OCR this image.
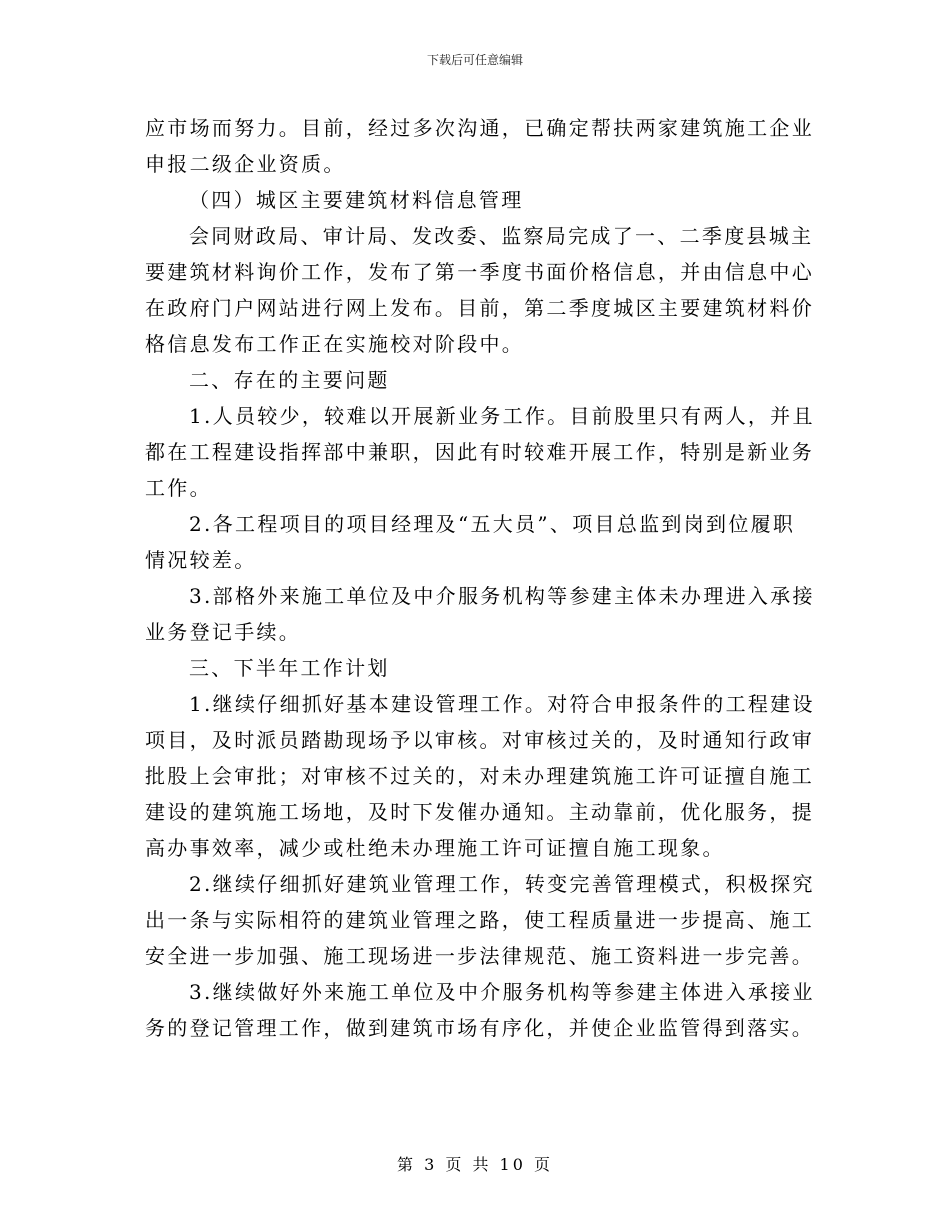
下载后可任意编辑
应市场而努力。目前，经过多次沟通，已确定帮扶两家建筑施工企业
申报二级企业资质。
（四）城区主要建筑材料信息管理
会同财政局、审计局、发改委、监察局完成了一、二季度县城主
要建筑材料询价工作，发布了第一季度书面价格信息，并由信息中心
在政府门户网站进行网上发布。目前，第二季度城区主要建筑材料价
格信息发布工作正在实施校对阶段中。
二、存在的主要问题
1.人员较少，较难以开展新业务工作。目前股里只有两人，并且
都在工程建设指挥部中兼职，因此有时较难开展工作，特别是新业务
工作。
2.各工程项目的项目经理及“五大员”、项目总监到岗到位履职
情况较差。
3.部格外来施工单位及中介服务机构等参建主体未办理进入承接
业务登记手续。
三、下半年工作计划
1.继续仔细抓好基本建设管理工作。对符合申报条件的工程建设
项目，及时派员踏勘现场予以审核。对审核过关的，及时通知行政审
批股上会审批；对审核不过关的，对未办理建筑施工许可证擅自施工
建设的建筑施工场地，及时下发催办通知。主动靠前，优化服务，提
高办事效率，减少或杜绝未办理施工许可证擅自施工现象。
2.继续仔细抓好建筑业管理工作，转变完善管理模式，积极探究
出一条与实际相符的建筑业管理之路，使工程质量进一步提高、施工
安全进一步加强、施工现场进一步法律规范、施工资料进一步完善。
3.继续做好外来施工单位及中介服务机构等参建主体进入承接业
务的登记管理工作，做到建筑市场有序化，并使企业监管得到落实。
第 3 页 共 10 页
